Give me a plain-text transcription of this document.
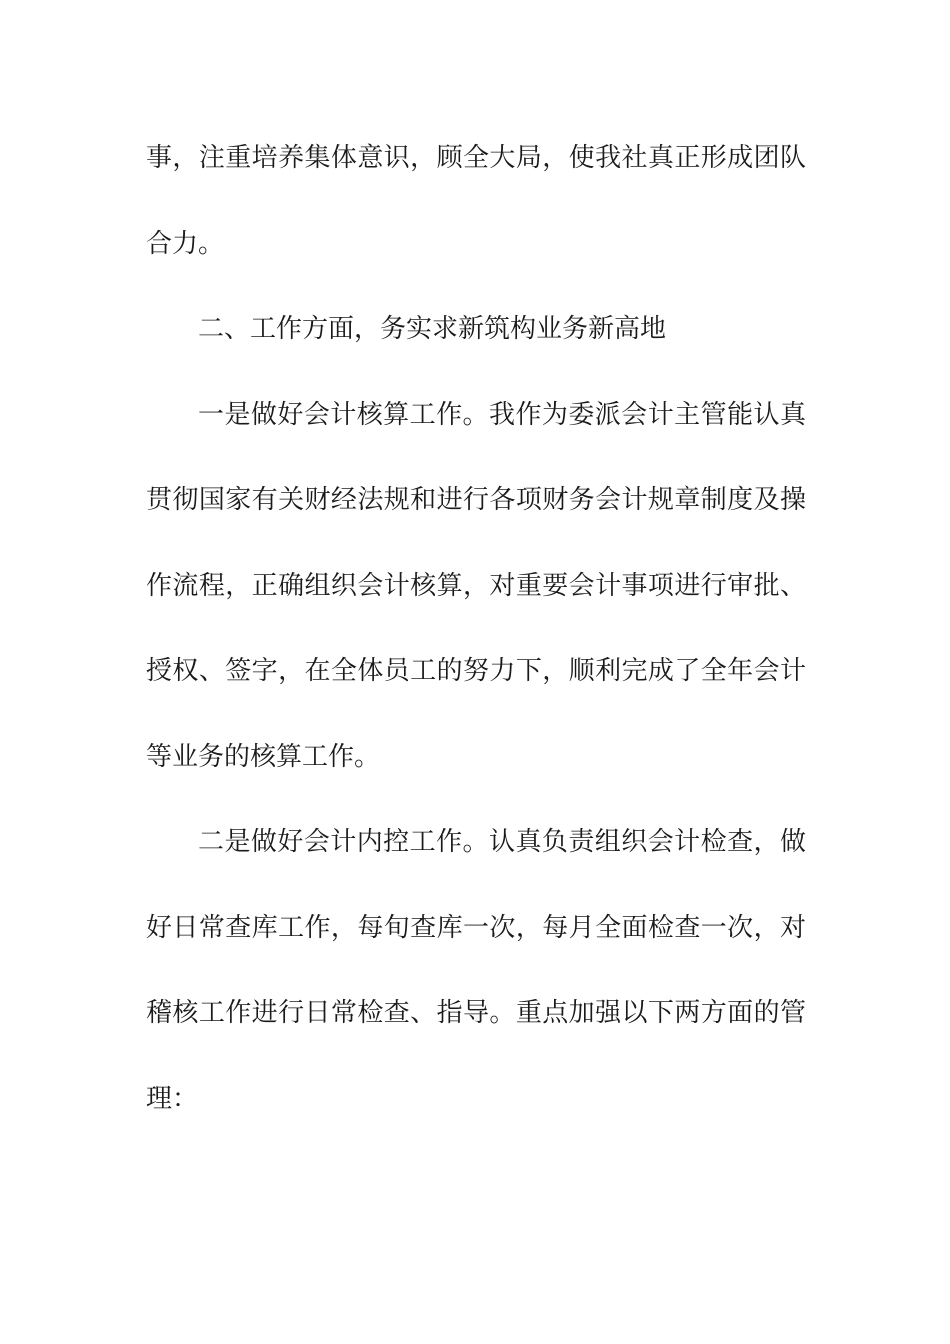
事，注重培养集体意识，顾全大局，使我社真正形成团队
合力。
二、工作方面，务实求新筑构业务新高地
一是做好会计核算工作。我作为委派会计主管能认真
贯彻国家有关财经法规和进行各项财务会计规章制度及操
作流程，正确组织会计核算，对重要会计事项进行审批、
授权、签字，在全体员工的努力下，顺利完成了全年会计
等业务的核算工作。
二是做好会计内控工作。认真负责组织会计检查，做
好日常查库工作，每旬查库一次，每月全面检查一次，对
稽核工作进行日常检查、指导。重点加强以下两方面的管
理：
